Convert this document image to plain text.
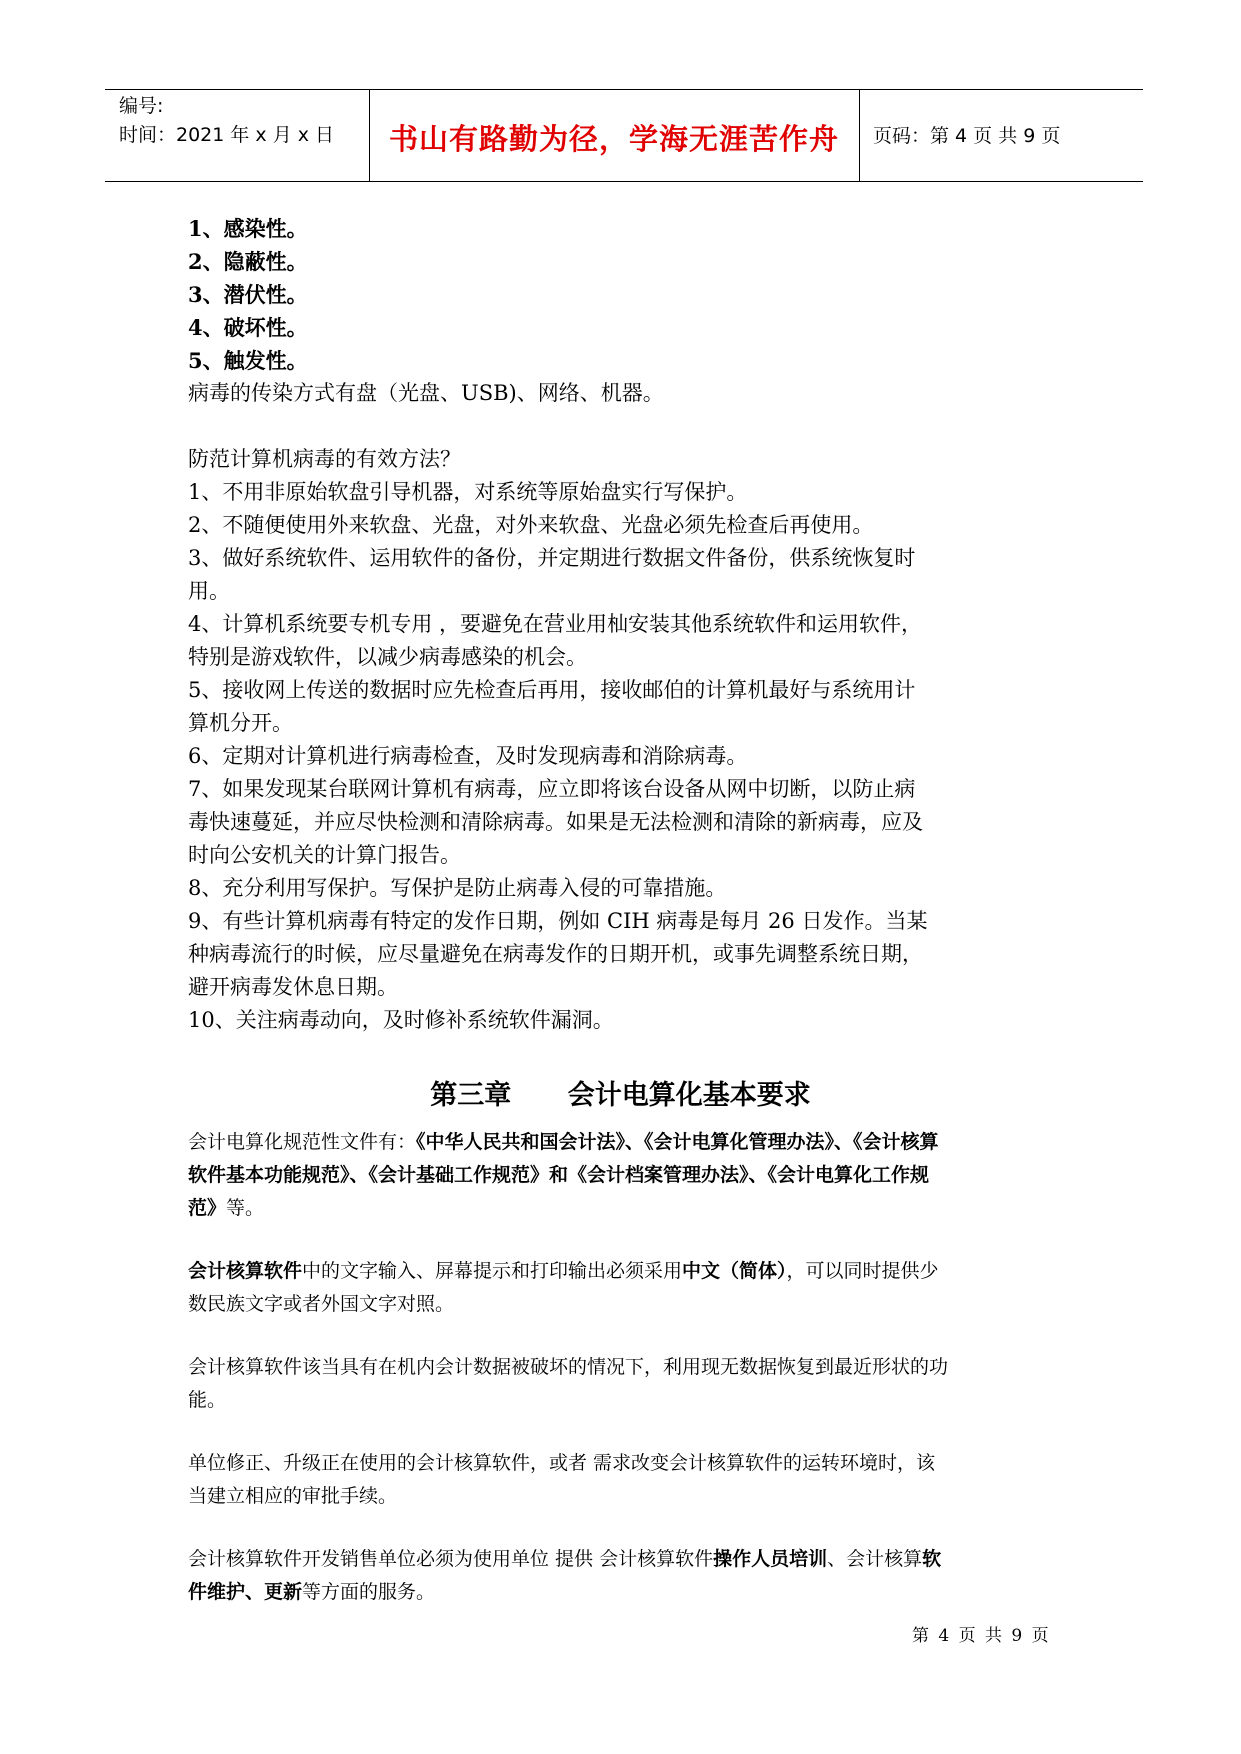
编号:
时间：2021 年 x 月 x 日	书山有路勤为径，学海无涯苦作舟	页码：第 4 页 共 9 页
1、感染性。
2、隐蔽性。
3、潜伏性。
4、破坏性。
5、触发性。
病毒的传染方式有盘（光盘、USB)、网络、机器。
防范计算机病毒的有效方法？
1、不用非原始软盘引导机器，对系统等原始盘实行写保护。
2、不随便使用外来软盘、光盘，对外来软盘、光盘必须先检查后再使用。
3、做好系统软件、运用软件的备份，并定期进行数据文件备份，供系统恢复时
用。
4、计算机系统要专机专用 ，要避免在营业用杣安装其他系统软件和运用软件，
特别是游戏软件，以减少病毒感染的机会。
5、接收网上传送的数据时应先检查后再用，接收邮伯的计算机最好与系统用计
算机分开。
6、定期对计算机进行病毒检查，及时发现病毒和消除病毒。
7、如果发现某台联网计算机有病毒，应立即将该台设备从网中切断，以防止病
毒快速蔓延，并应尽快检测和清除病毒。如果是无法检测和清除的新病毒，应及
时向公安机关的计算门报告。
8、充分利用写保护。写保护是防止病毒入侵的可靠措施。
9、有些计算机病毒有特定的发作日期，例如 CIH 病毒是每月 26 日发作。当某
种病毒流行的时候，应尽量避免在病毒发作的日期开机，或事先调整系统日期，
避开病毒发休息日期。
10、关注病毒动向，及时修补系统软件漏洞。
第三章      会计电算化基本要求

会计电算化规范性文件有：《中华人民共和国会计法》、《会计电算化管理办法》、《会计核算
软件基本功能规范》、《会计基础工作规范》和《会计档案管理办法》、《会计电算化工作规
范》等。

会计核算软件中的文字输入、屏幕提示和打印输出必须采用中文（简体），可以同时提供少
数民族文字或者外国文字对照。

会计核算软件该当具有在机内会计数据被破坏的情况下，利用现无数据恢复到最近形状的功
能。

单位修正、升级正在使用的会计核算软件，或者 需求改变会计核算软件的运转环境时，该
当建立相应的审批手续。

会计核算软件开发销售单位必须为使用单位 提供 会计核算软件操作人员培训、会计核算软
件维护、更新等方面的服务。

第 4 页 共 9 页
